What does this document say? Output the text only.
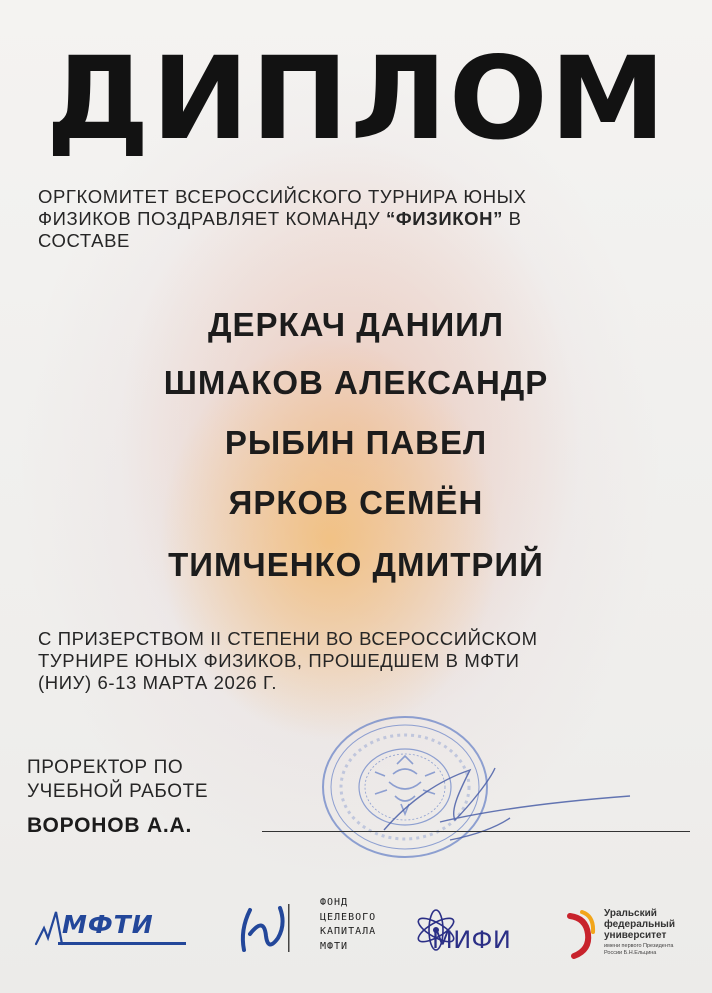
ДИПЛОМ
ОРГКОМИТЕТ ВСЕРОССИЙСКОГО ТУРНИРА ЮНЫХ
ФИЗИКОВ ПОЗДРАВЛЯЕТ КОМАНДУ “ФИЗИКОН” В
СОСТАВЕ
ДЕРКАЧ ДАНИИЛ
ШМАКОВ АЛЕКСАНДР
РЫБИН ПАВЕЛ
ЯРКОВ СЕМЁН
ТИМЧЕНКО ДМИТРИЙ
С ПРИЗЕРСТВОМ II СТЕПЕНИ ВО ВСЕРОССИЙСКОМ
ТУРНИРЕ ЮНЫХ ФИЗИКОВ, ПРОШЕДШЕМ В МФТИ
(НИУ) 6-13 МАРТА 2026 Г.
ПРОРЕКТОР ПО
УЧЕБНОЙ РАБОТЕ
ВОРОНОВ А.А.
МФТИ
ФОНД
ЦЕЛЕВОГО
КАПИТАЛА
МФТИ	МИФИ
Уральский
федеральный
университет
имени первого Президента
России Б.Н.Ельцина
